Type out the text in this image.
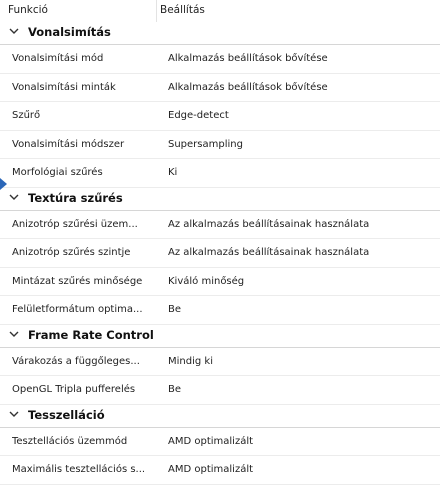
Funkció	Beállítás
Vonalsimítás
Vonalsimítási mód	Alkalmazás beállítások bővítése
Vonalsimítási minták	Alkalmazás beállítások bővítése
Szűrő	Edge-detect
Vonalsimítási módszer	Supersampling
Morfológiai szűrés	Ki
Textúra szűrés
Anizotróp szűrési üzem...	Az alkalmazás beállításainak használata
Anizotróp szűrés szintje	Az alkalmazás beállításainak használata
Mintázat szűrés minősége	Kiváló minőség
Felületformátum optima...	Be
Frame Rate Control
Várakozás a függőleges...	Mindig ki
OpenGL Tripla pufferelés	Be
Tesszelláció
Tesztellációs üzemmód	AMD optimalizált
Maximális tesztellációs s...	AMD optimalizált
